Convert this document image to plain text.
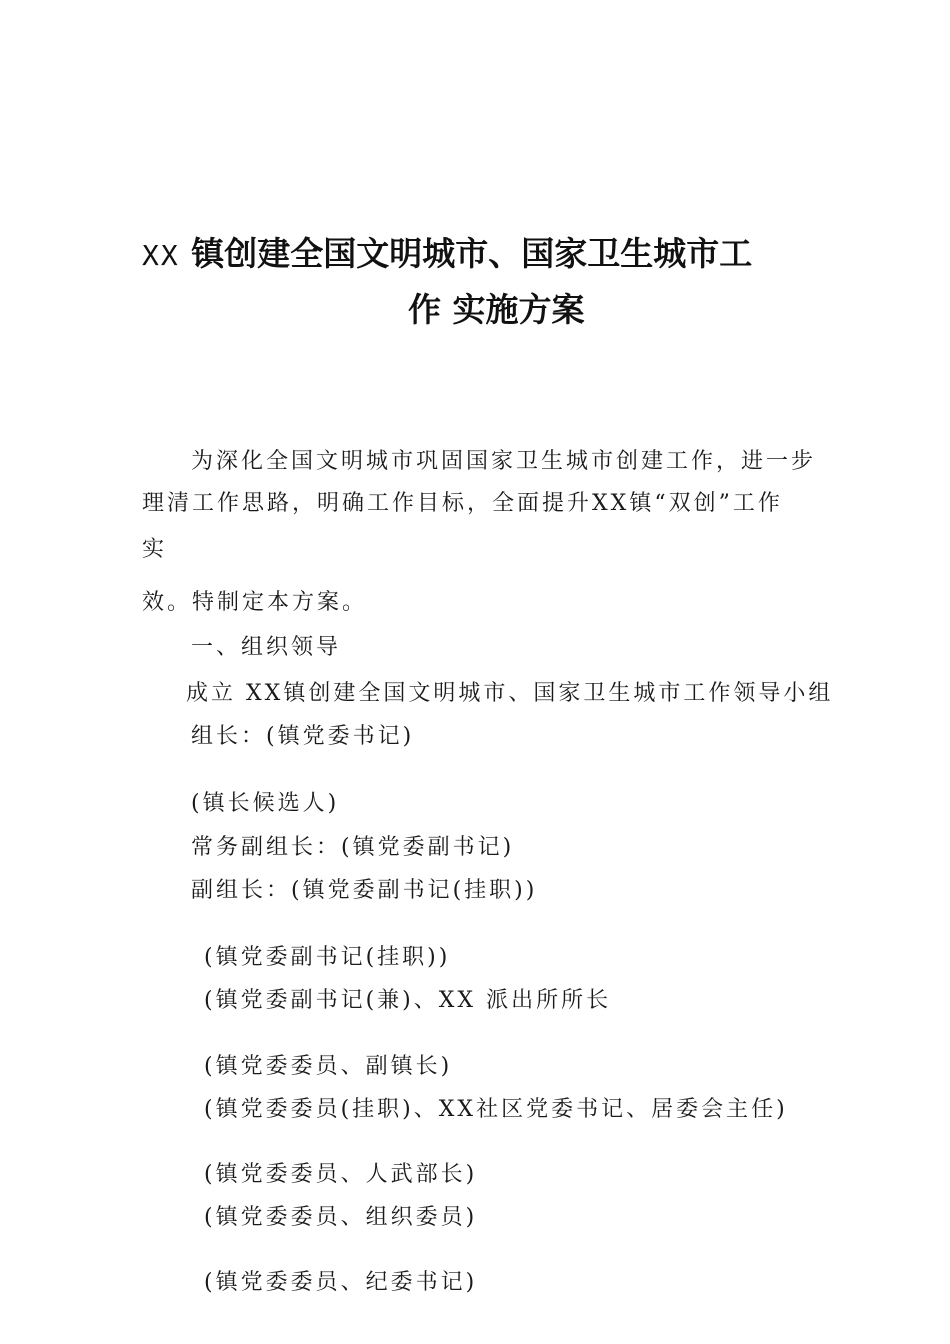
XX 镇创建全国文明城市、国家卫生城市工
作 实施方案
为深化全国文明城市巩固国家卫生城市创建工作，进一步
理清工作思路，明确工作目标，全面提升XX镇“双创”工作
实
效。特制定本方案。
一、组织领导
成立 XX镇创建全国文明城市、国家卫生城市工作领导小组
组长：(镇党委书记)
(镇长候选人)
常务副组长：(镇党委副书记)
副组长：(镇党委副书记(挂职))
(镇党委副书记(挂职))
(镇党委副书记(兼)、XX 派出所所长
(镇党委委员、副镇长)
(镇党委委员(挂职)、XX社区党委书记、居委会主任)
(镇党委委员、人武部长)
(镇党委委员、组织委员)
(镇党委委员、纪委书记)
